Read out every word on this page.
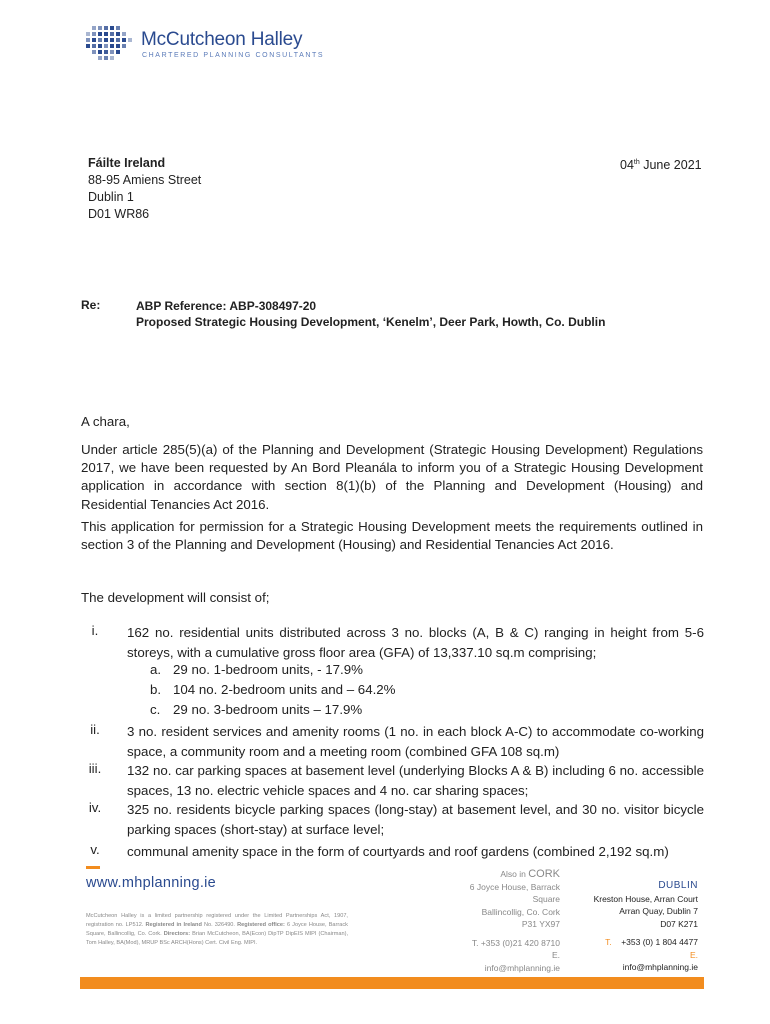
McCutcheon Halley
CHARTERED PLANNING CONSULTANTS
Fáilte Ireland
88-95 Amiens Street
Dublin 1
D01 WR86
04th June 2021
Re:	ABP Reference: ABP-308497-20
Proposed Strategic Housing Development, ‘Kenelm’, Deer Park, Howth, Co. Dublin
A chara,
Under article 285(5)(a) of the Planning and Development (Strategic Housing Development) Regulations 2017, we have been requested by An Bord Pleanála to inform you of a Strategic Housing Development application in accordance with section 8(1)(b) of the Planning and Development (Housing) and Residential Tenancies Act 2016.
This application for permission for a Strategic Housing Development meets the requirements outlined in section 3 of the Planning and Development (Housing) and Residential Tenancies Act 2016.
The development will consist of;
i.	162 no. residential units distributed across 3 no. blocks (A, B & C) ranging in height from 5-6 storeys, with a cumulative gross floor area (GFA) of 13,337.10 sq.m comprising;
a. 29 no. 1-bedroom units, - 17.9%
b. 104 no. 2-bedroom units and – 64.2%
c. 29 no. 3-bedroom units – 17.9%
ii.	3 no. resident services and amenity rooms (1 no. in each block A-C) to accommodate co-working space, a community room and a meeting room (combined GFA 108 sq.m)
iii.	132 no. car parking spaces at basement level (underlying Blocks A & B) including 6 no. accessible spaces, 13 no. electric vehicle spaces and 4 no. car sharing spaces;
iv.	325 no. residents bicycle parking spaces (long-stay) at basement level, and 30 no. visitor bicycle parking spaces (short-stay) at surface level;
v.	communal amenity space in the form of courtyards and roof gardens (combined 2,192 sq.m)
www.mhplanning.ie
McCutcheon Halley is a limited partnership registered under the Limited Partnerships Act, 1907, registration no. LP512. Registered in Ireland No. 326490. Registered office: 6 Joyce House, Barrack Square, Ballincollig, Co. Cork. Directors: Brian McCutcheon, BA(Econ) DipTP DipEIS MIPI (Chairman), Tom Halley, BA(Mod), MRUP BSc ARCH(Hons) Cert. Civil Eng. MIPI.
Also in CORK
6 Joyce House, Barrack
Square
Ballincollig, Co. Cork
P31 YX97
T. +353 (0)21 420 8710
E.
info@mhplanning.ie
DUBLIN
Kreston House, Arran Court
Arran Quay, Dublin 7
D07 K271
T. +353 (0) 1 804 4477
E.
info@mhplanning.ie
